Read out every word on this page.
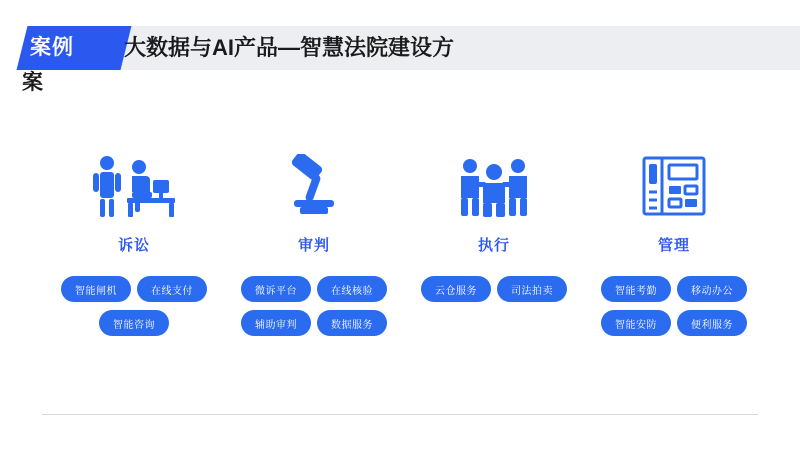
案例	大数据与AI产品—智慧法院建设方
案
诉讼
智能闸机	在线支付
智能咨询
审判
微诉平台	在线核验
辅助审判	数据服务
执行
云仓服务	司法拍卖
管理
智能考勤	移动办公
智能安防	便利服务
